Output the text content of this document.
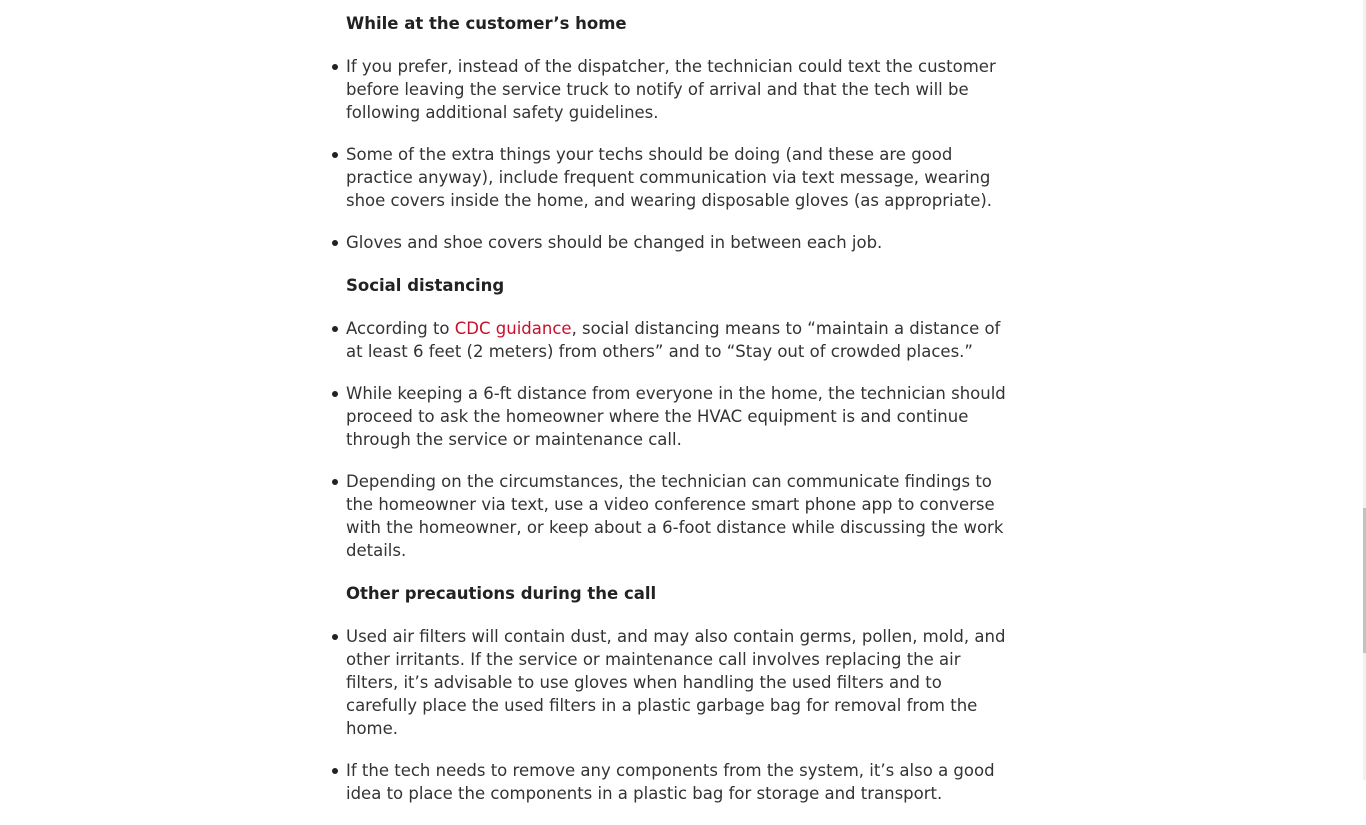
While at the customer’s home
If you prefer, instead of the dispatcher, the technician could text the customer before leaving the service truck to notify of arrival and that the tech will be following additional safety guidelines.
Some of the extra things your techs should be doing (and these are good practice anyway), include frequent communication via text message, wearing shoe covers inside the home, and wearing disposable gloves (as appropriate).
Gloves and shoe covers should be changed in between each job.
Social distancing
According to CDC guidance, social distancing means to “maintain a distance of at least 6 feet (2 meters) from others” and to “Stay out of crowded places.”
While keeping a 6-ft distance from everyone in the home, the technician should proceed to ask the homeowner where the HVAC equipment is and continue through the service or maintenance call.
Depending on the circumstances, the technician can communicate findings to the homeowner via text, use a video conference smart phone app to converse with the homeowner, or keep about a 6-foot distance while discussing the work details.
Other precautions during the call
Used air filters will contain dust, and may also contain germs, pollen, mold, and other irritants. If the service or maintenance call involves replacing the air filters, it’s advisable to use gloves when handling the used filters and to carefully place the used filters in a plastic garbage bag for removal from the home.
If the tech needs to remove any components from the system, it’s also a good idea to place the components in a plastic bag for storage and transport.
